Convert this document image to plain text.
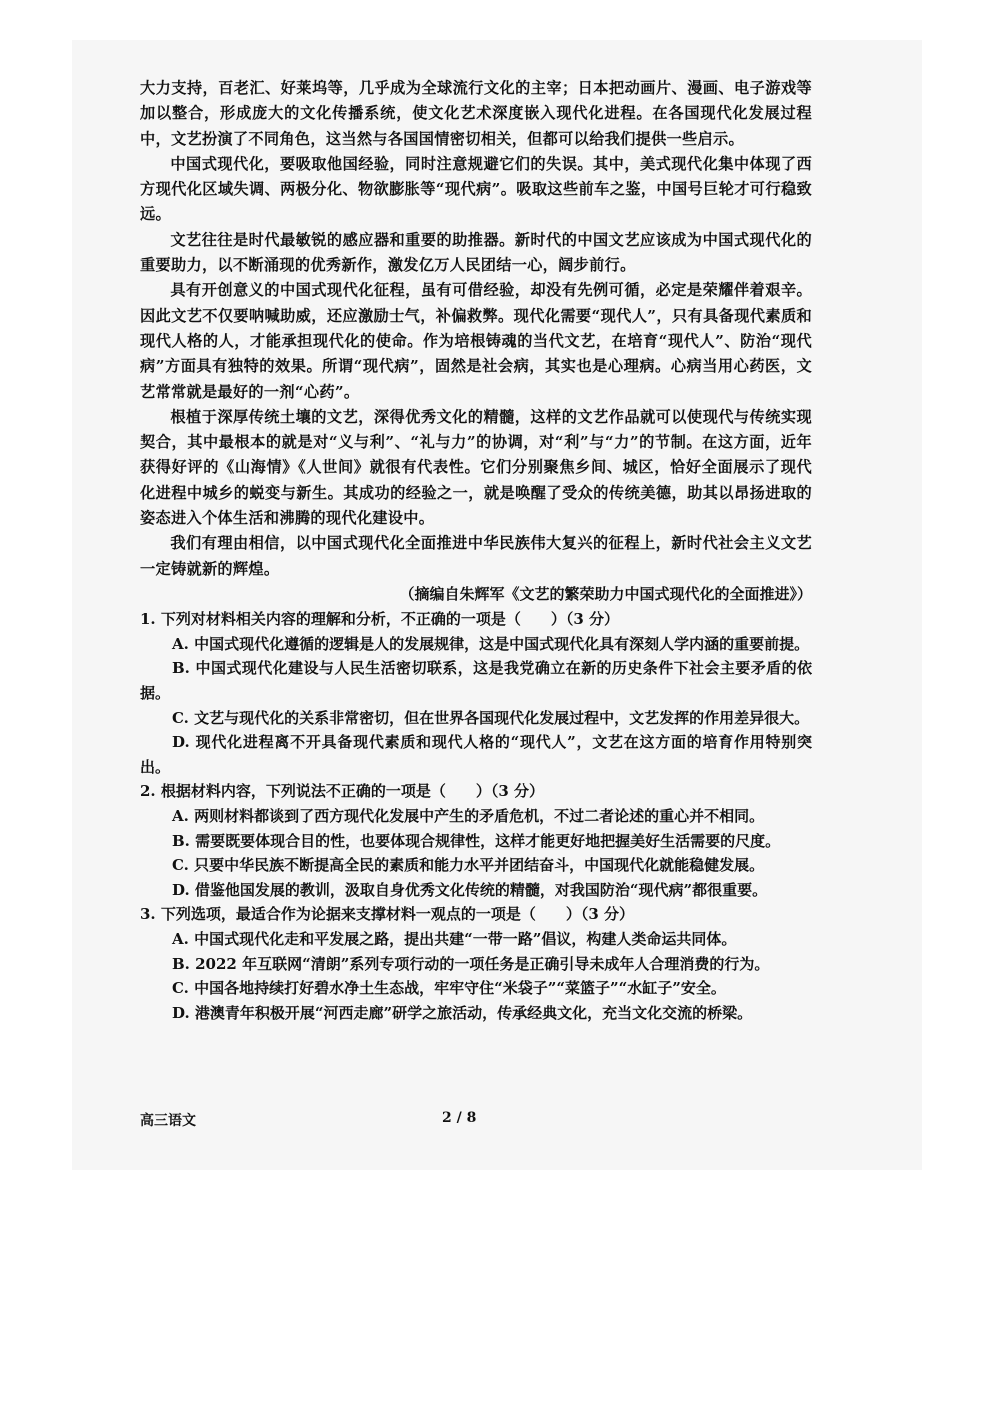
大力支持，百老汇、好莱坞等，几乎成为全球流行文化的主宰；日本把动画片、漫画、电子游戏等加以整合，形成庞大的文化传播系统，使文化艺术深度嵌入现代化进程。在各国现代化发展过程中，文艺扮演了不同角色，这当然与各国国情密切相关，但都可以给我们提供一些启示。

中国式现代化，要吸取他国经验，同时注意规避它们的失误。其中，美式现代化集中体现了西方现代化区域失调、两极分化、物欲膨胀等“现代病”。吸取这些前车之鉴，中国号巨轮才可行稳致远。

文艺往往是时代最敏锐的感应器和重要的助推器。新时代的中国文艺应该成为中国式现代化的重要助力，以不断涌现的优秀新作，激发亿万人民团结一心，阔步前行。

具有开创意义的中国式现代化征程，虽有可借经验，却没有先例可循，必定是荣耀伴着艰辛。因此文艺不仅要呐喊助威，还应激励士气，补偏救弊。现代化需要“现代人”，只有具备现代素质和现代人格的人，才能承担现代化的使命。作为培根铸魂的当代文艺，在培育“现代人”、防治“现代病”方面具有独特的效果。所谓“现代病”，固然是社会病，其实也是心理病。心病当用心药医，文艺常常就是最好的一剂“心药”。

根植于深厚传统土壤的文艺，深得优秀文化的精髓，这样的文艺作品就可以使现代与传统实现契合，其中最根本的就是对“义与利”、“礼与力”的协调，对“利”与“力”的节制。在这方面，近年获得好评的《山海情》《人世间》就很有代表性。它们分别聚焦乡间、城区，恰好全面展示了现代化进程中城乡的蜕变与新生。其成功的经验之一，就是唤醒了受众的传统美德，助其以昂扬进取的姿态进入个体生活和沸腾的现代化建设中。

我们有理由相信，以中国式现代化全面推进中华民族伟大复兴的征程上，新时代社会主义文艺一定铸就新的辉煌。

（摘编自朱辉军《文艺的繁荣助力中国式现代化的全面推进》）

1. 下列对材料相关内容的理解和分析，不正确的一项是（　　）（3 分）

A. 中国式现代化遵循的逻辑是人的发展规律，这是中国式现代化具有深刻人学内涵的重要前提。

B. 中国式现代化建设与人民生活密切联系，这是我党确立在新的历史条件下社会主要矛盾的依据。

C. 文艺与现代化的关系非常密切，但在世界各国现代化发展过程中，文艺发挥的作用差异很大。

D. 现代化进程离不开具备现代素质和现代人格的“现代人”，文艺在这方面的培育作用特别突出。

2. 根据材料内容，下列说法不正确的一项是（　　）（3 分）

A. 两则材料都谈到了西方现代化发展中产生的矛盾危机，不过二者论述的重心并不相同。

B. 需要既要体现合目的性，也要体现合规律性，这样才能更好地把握美好生活需要的尺度。

C. 只要中华民族不断提高全民的素质和能力水平并团结奋斗，中国现代化就能稳健发展。

D. 借鉴他国发展的教训，汲取自身优秀文化传统的精髓，对我国防治“现代病”都很重要。

3. 下列选项，最适合作为论据来支撑材料一观点的一项是（　　）（3 分）

A. 中国式现代化走和平发展之路，提出共建“一带一路”倡议，构建人类命运共同体。

B. 2022 年互联网“清朗”系列专项行动的一项任务是正确引导未成年人合理消费的行为。

C. 中国各地持续打好碧水净土生态战，牢牢守住“米袋子”“菜篮子”“水缸子”安全。

D. 港澳青年积极开展“河西走廊”研学之旅活动，传承经典文化，充当文化交流的桥梁。

高三语文	2 / 8
